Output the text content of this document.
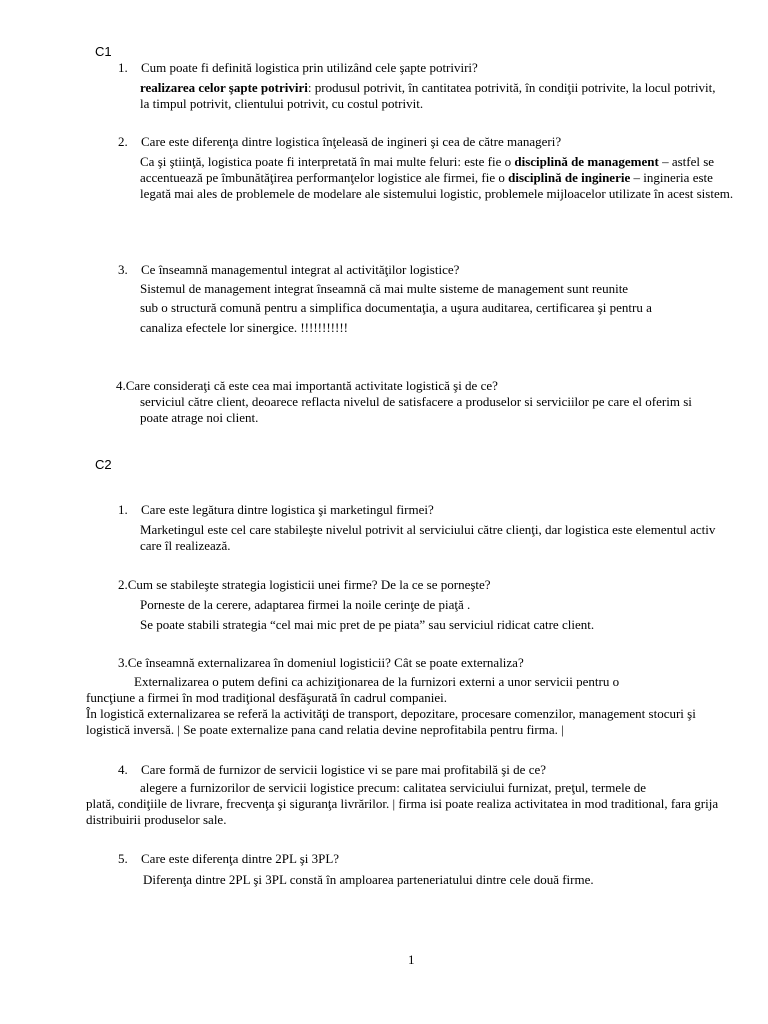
C1
1. Cum poate fi definită logistica prin utilizând cele şapte potriviri?

realizarea celor şapte potriviri: produsul potrivit, în cantitatea potrivită, în condiţii potrivite, la locul potrivit, la timpul potrivit, clientului potrivit, cu costul potrivit.

2. Care este diferenţa dintre logistica înţeleasă de ingineri şi cea de către manageri?

Ca şi ştiinţă, logistica poate fi interpretată în mai multe feluri: este fie o disciplină de management – astfel se accentuează pe îmbunătăţirea performanţelor logistice ale firmei, fie o disciplină de inginerie – ingineria este legată mai ales de problemele de modelare ale sistemului logistic, problemele mijloacelor utilizate în acest sistem.

3. Ce înseamnă managementul integrat al activităţilor logistice?

Sistemul de management integrat înseamnă că mai multe sisteme de management sunt reunite

sub o structură comună pentru a simplifica documentaţia, a uşura auditarea, certificarea şi pentru a

canaliza efectele lor sinergice. !!!!!!!!!!!

4.Care consideraţi că este cea mai importantă activitate logistică şi de ce?

serviciul către client, deoarece reflacta nivelul de satisfacere a produselor si serviciilor pe care el oferim si poate atrage noi client.

C2
1. Care este legătura dintre logistica şi marketingul firmei?

Marketingul este cel care stabileşte nivelul potrivit al serviciului către clienţi, dar logistica este elementul activ care îl realizează.

2.Cum se stabileşte strategia logisticii unei firme? De la ce se porneşte?

Porneste de la cerere, adaptarea firmei la noile cerinţe de piaţă .

Se poate stabili strategia “cel mai mic pret de pe piata” sau serviciul ridicat catre client.

3.Ce înseamnă externalizarea în domeniul logisticii? Cât se poate externaliza?

Externalizarea o putem defini ca achiziţionarea de la furnizori externi a unor servicii pentru o

funcţiune a firmei în mod tradiţional desfăşurată în cadrul companiei.

În logistică externalizarea se referă la activităţi de transport, depozitare, procesare comenzilor, management stocuri şi logistică inversă. | Se poate externalize pana cand relatia devine neprofitabila pentru firma. |

4. Care formă de furnizor de servicii logistice vi se pare mai profitabilă şi de ce?

alegere a furnizorilor de servicii logistice precum: calitatea serviciului furnizat, preţul, termele de

plată, condiţiile de livrare, frecvenţa şi siguranţa livrărilor. | firma isi poate realiza activitatea in mod traditional, fara grija distribuirii produselor sale.

5. Care este diferenţa dintre 2PL şi 3PL?

Diferenţa dintre 2PL şi 3PL constă în amploarea parteneriatului dintre cele două firme.

1
